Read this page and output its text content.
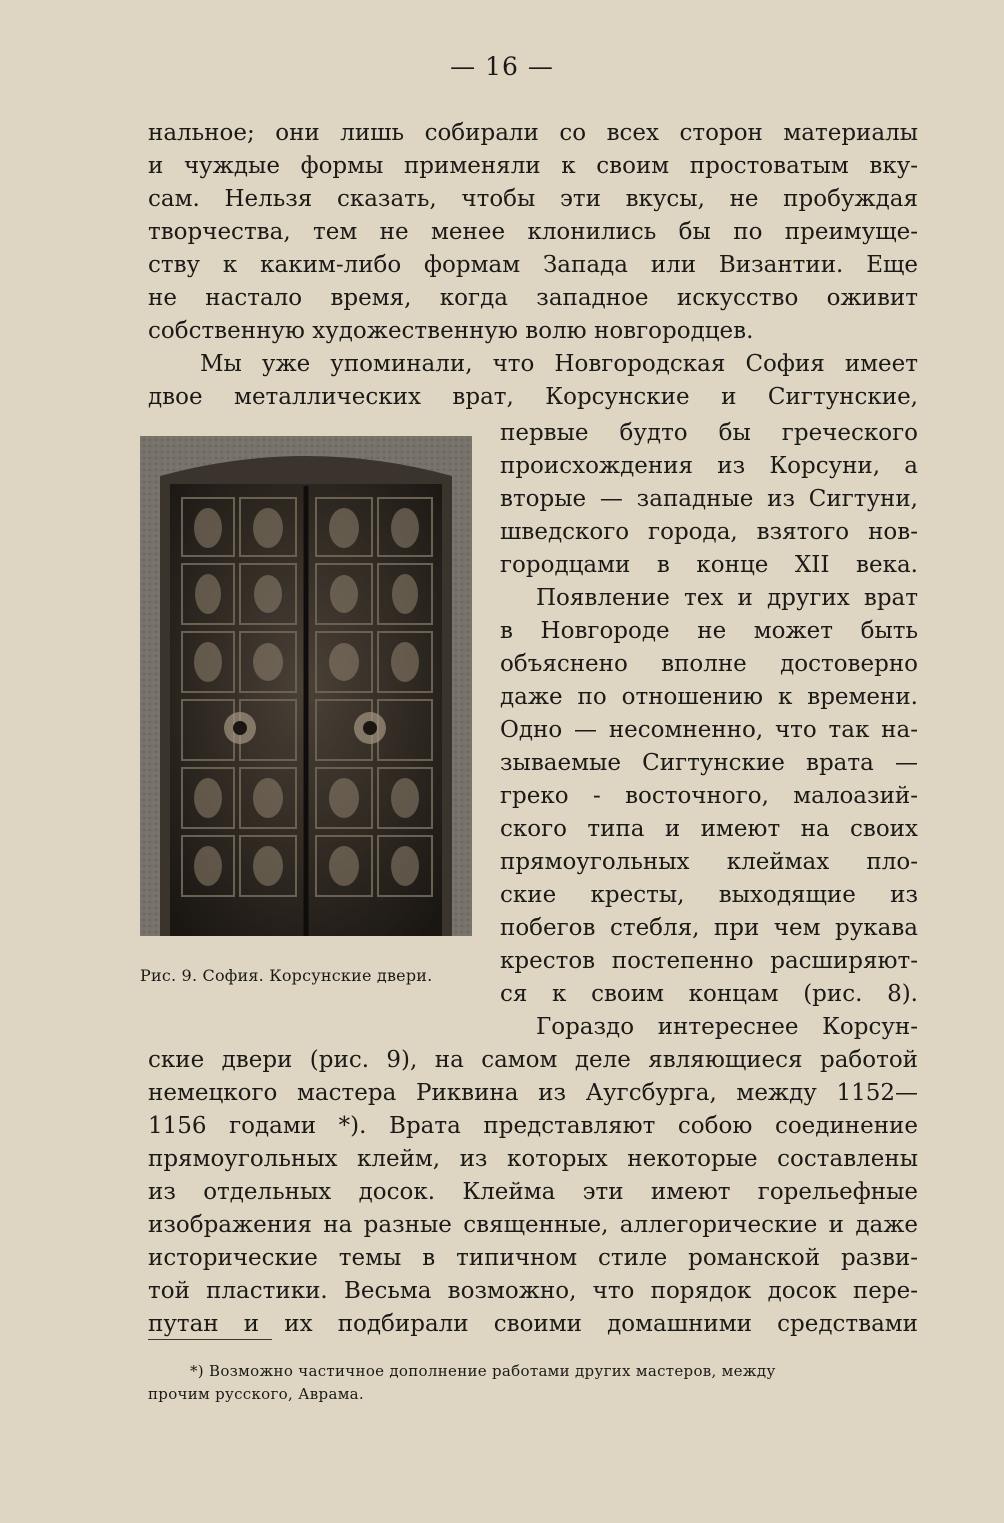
— 16 —
нальное; они лишь собирали со всех сторон материалы
и чуждые формы применяли к своим простоватым вку-
сам. Нельзя сказать, чтобы эти вкусы, не пробуждая
творчества, тем не менее клонились бы по преимуще-
ству к каким-либо формам Запада или Византии. Еще
не настало время, когда западное искусство оживит
собственную художественную волю новгородцев.
Мы уже упоминали, что Новгородская София имеет
двое металлических врат, Корсунские и Сигтунские,
Рис. 9. София. Корсунские двери.
первые будто бы греческого
происхождения из Корсуни, а
вторые — западные из Сигтуни,
шведского города, взятого нов-
городцами в конце XII века.
Появление тех и других врат
в Новгороде не может быть
объяснено вполне достоверно
даже по отношению к времени.
Одно — несомненно, что так на-
зываемые Сигтунские врата —
греко - восточного, малоазий-
ского типа и имеют на своих
прямоугольных клеймах пло-
ские кресты, выходящие из
побегов стебля, при чем рукава
крестов постепенно расширяют-
ся к своим концам (рис. 8).
Гораздо интереснее Корсун-
ские двери (рис. 9), на самом деле являющиеся работой
немецкого мастера Риквина из Аугсбурга, между 1152—
1156 годами *). Врата представляют собою соединение
прямоугольных клейм, из которых некоторые составлены
из отдельных досок. Клейма эти имеют горельефные
изображения на разные священные, аллегорические и даже
исторические темы в типичном стиле романской разви-
той пластики. Весьма возможно, что порядок досок пере-
путан и их подбирали своими домашними средствами
*) Возможно частичное дополнение работами других мастеров, между
прочим русского, Аврама.
